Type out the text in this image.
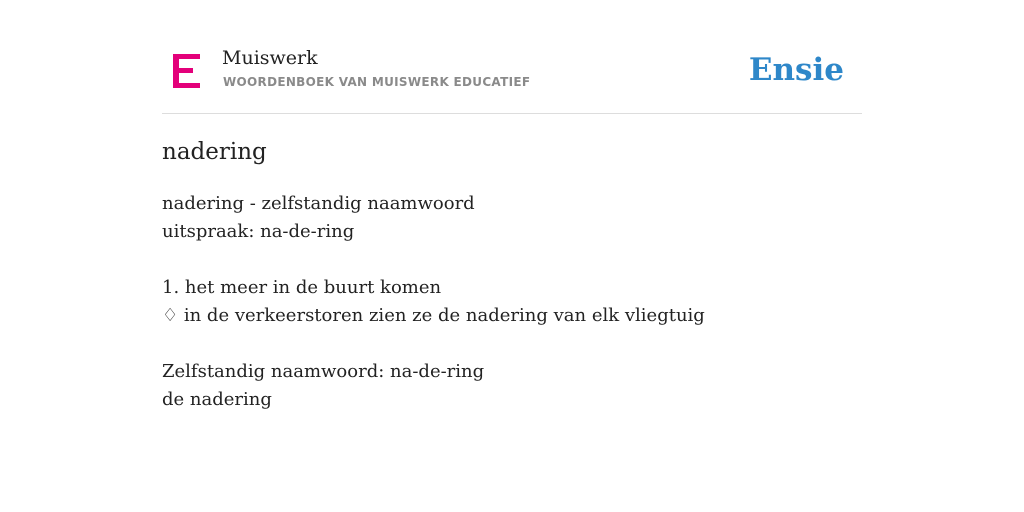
Muiswerk
WOORDENBOEK VAN MUISWERK EDUCATIEF	Ensie
nadering
nadering - zelfstandig naamwoord
uitspraak: na-de-ring
1. het meer in de buurt komen
♢ in de verkeerstoren zien ze de nadering van elk vliegtuig
Zelfstandig naamwoord: na-de-ring
de nadering
